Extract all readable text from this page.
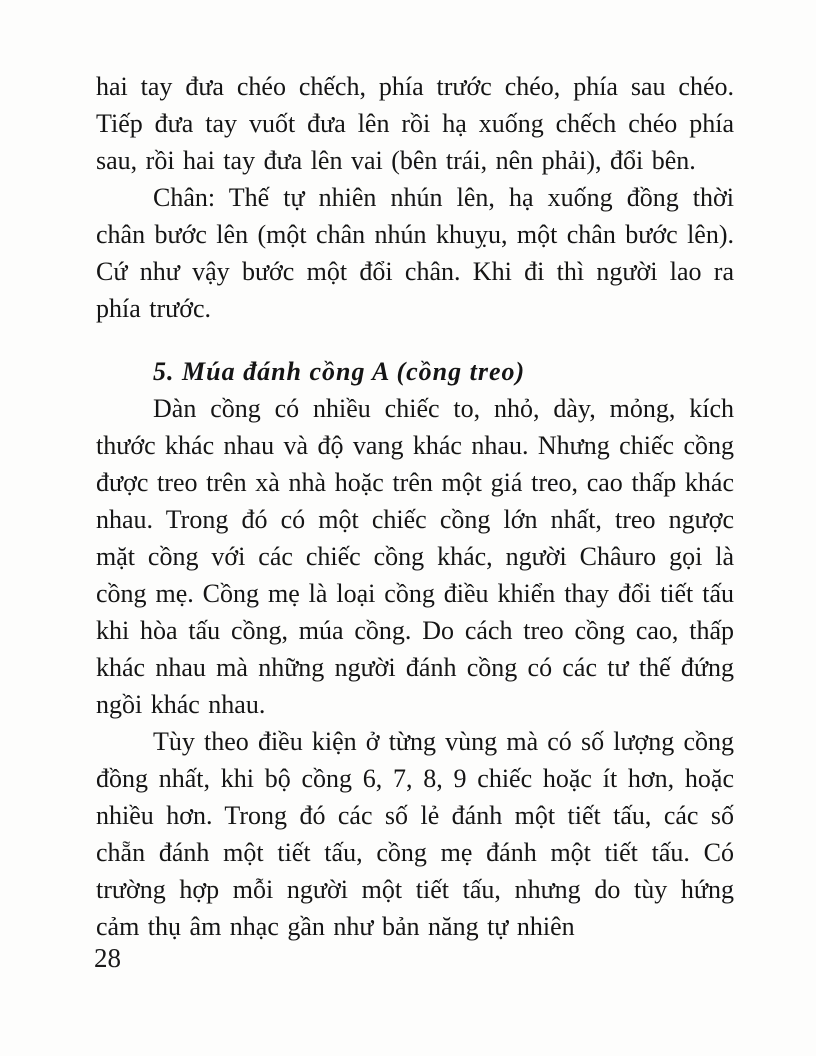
hai tay đưa chéo chếch, phía trước chéo, phía sau chéo. Tiếp đưa tay vuốt đưa lên rồi hạ xuống chếch chéo phía sau, rồi hai tay đưa lên vai (bên trái, nên phải), đổi bên.

Chân: Thế tự nhiên nhún lên, hạ xuống đồng thời chân bước lên (một chân nhún khuỵu, một chân bước lên). Cứ như vậy bước một đổi chân. Khi đi thì người lao ra phía trước.

5. Múa đánh cồng A (cồng treo)

Dàn cồng có nhiều chiếc to, nhỏ, dày, mỏng, kích thước khác nhau và độ vang khác nhau. Nhưng chiếc cồng được treo trên xà nhà hoặc trên một giá treo, cao thấp khác nhau. Trong đó có một chiếc cồng lớn nhất, treo ngược mặt cồng với các chiếc cồng khác, người Châuro gọi là cồng mẹ. Cồng mẹ là loại cồng điều khiển thay đổi tiết tấu khi hòa tấu cồng, múa cồng. Do cách treo cồng cao, thấp khác nhau mà những người đánh cồng có các tư thế đứng ngồi khác nhau.

Tùy theo điều kiện ở từng vùng mà có số lượng cồng đồng nhất, khi bộ cồng 6, 7, 8, 9 chiếc hoặc ít hơn, hoặc nhiều hơn. Trong đó các số lẻ đánh một tiết tấu, các số chẵn đánh một tiết tấu, cồng mẹ đánh một tiết tấu. Có trường hợp mỗi người một tiết tấu, nhưng do tùy hứng cảm thụ âm nhạc gần như bản năng tự nhiên

28
